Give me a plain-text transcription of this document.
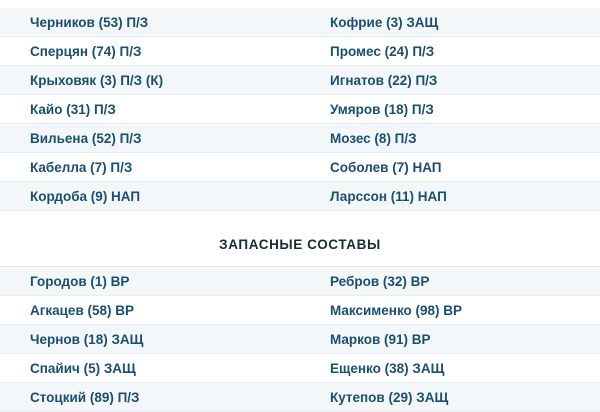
Черников (53) П/З
Сперцян (74) П/З
Крыховяк (3) П/З (К)
Кайо (31) П/З
Вильена (52) П/З
Кабелла (7) П/З
Кордоба (9) НАП
Кофрие (3) ЗАЩ
Промес (24) П/З
Игнатов (22) П/З
Умяров (18) П/З
Мозес (8) П/З
Соболев (7) НАП
Ларссон (11) НАП
ЗАПАСНЫЕ СОСТАВЫ
Городов (1) ВР
Агкацев (58) ВР
Чернов (18) ЗАЩ
Спайич (5) ЗАЩ
Стоцкий (89) П/З
Ребров (32) ВР
Максименко (98) ВР
Марков (91) ВР
Ещенко (38) ЗАЩ
Кутепов (29) ЗАЩ
